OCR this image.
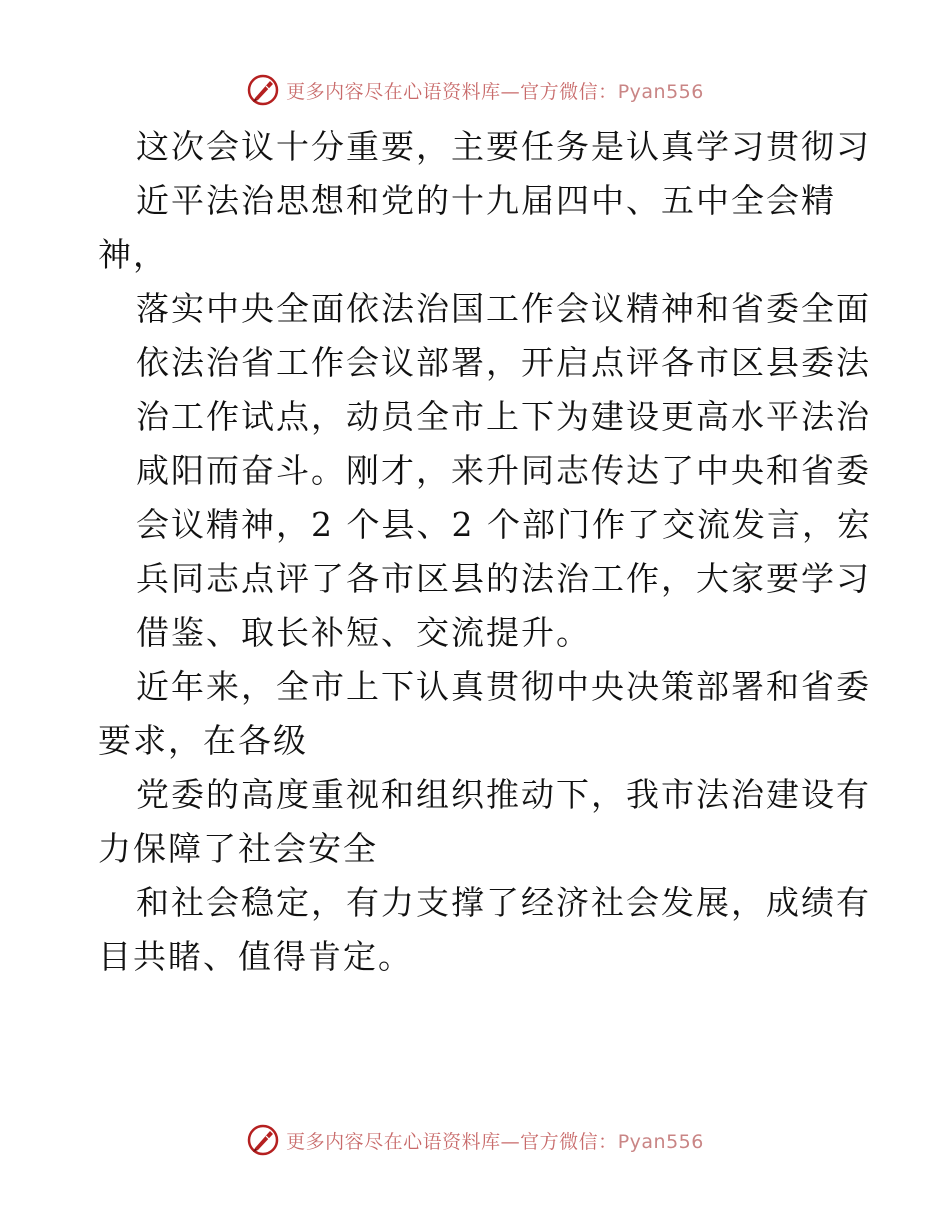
更多内容尽在心语资料库—官方微信：Pyan556
这次会议十分重要，主要任务是认真学习贯彻习
近平法治思想和党的十九届四中、五中全会精
神，
落实中央全面依法治国工作会议精神和省委全面
依法治省工作会议部署，开启点评各市区县委法
治工作试点，动员全市上下为建设更高水平法治
咸阳而奋斗。刚才，来升同志传达了中央和省委
会议精神，2 个县、2 个部门作了交流发言，宏
兵同志点评了各市区县的法治工作，大家要学习
借鉴、取长补短、交流提升。
近年来，全市上下认真贯彻中央决策部署和省委
要求，在各级
党委的高度重视和组织推动下，我市法治建设有
力保障了社会安全
和社会稳定，有力支撑了经济社会发展，成绩有
目共睹、值得肯定。
更多内容尽在心语资料库—官方微信：Pyan556
